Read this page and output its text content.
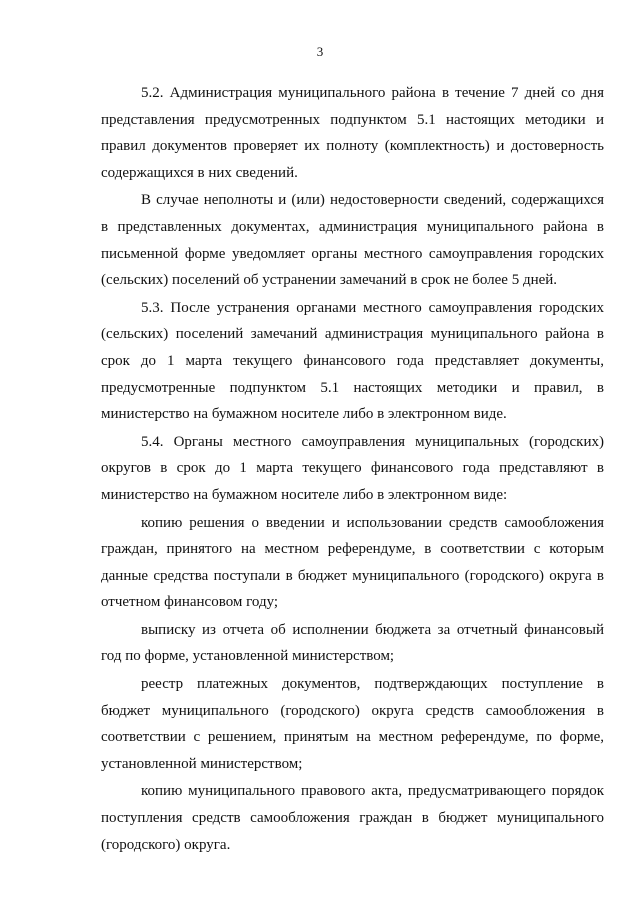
3

5.2. Администрация муниципального района в течение 7 дней со дня представления предусмотренных подпунктом 5.1 настоящих методики и правил документов проверяет их полноту (комплектность) и достоверность содержащихся в них сведений.

В случае неполноты и (или) недостоверности сведений, содержащихся в представленных документах, администрация муниципального района в письменной форме уведомляет органы местного самоуправления городских (сельских) поселений об устранении замечаний в срок не более 5 дней.

5.3. После устранения органами местного самоуправления городских (сельских) поселений замечаний администрация муниципального района в срок до 1 марта текущего финансового года представляет документы, предусмотренные подпунктом 5.1 настоящих методики и правил, в министерство на бумажном носителе либо в электронном виде.

5.4. Органы местного самоуправления муниципальных (городских) округов в срок до 1 марта текущего финансового года представляют в министерство на бумажном носителе либо в электронном виде:

копию решения о введении и использовании средств самообложения граждан, принятого на местном референдуме, в соответствии с которым данные средства поступали в бюджет муниципального (городского) округа в отчетном финансовом году;

выписку из отчета об исполнении бюджета за отчетный финансовый год по форме, установленной министерством;

реестр платежных документов, подтверждающих поступление в бюджет муниципального (городского) округа средств самообложения в соответствии с решением, принятым на местном референдуме, по форме, установленной министерством;

копию муниципального правового акта, предусматривающего порядок поступления средств самообложения граждан в бюджет муниципального (городского) округа.
